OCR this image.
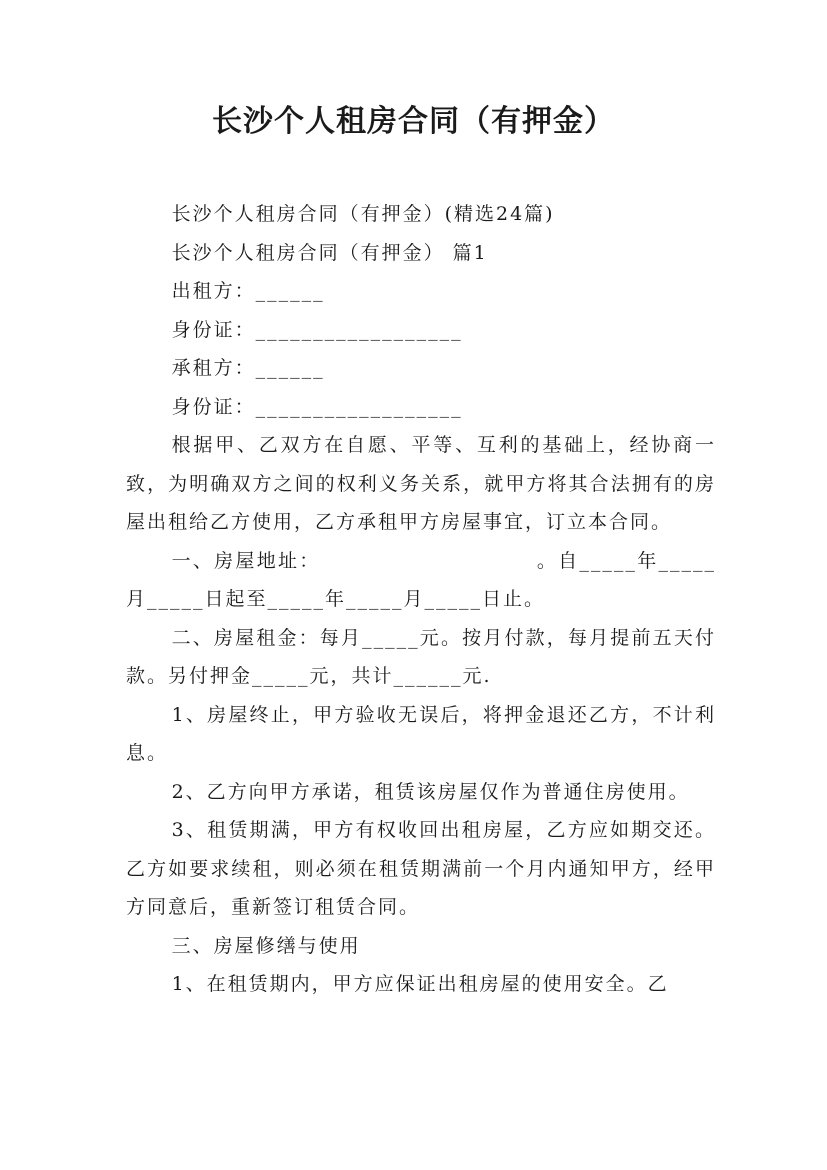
长沙个人租房合同（有押金）

长沙个人租房合同（有押金）(精选24篇)

长沙个人租房合同（有押金） 篇1

出租方：______

身份证：__________________

承租方：______

身份证：__________________

根据甲、乙双方在自愿、平等、互利的基础上，经协商一致，为明确双方之间的权利义务关系，就甲方将其合法拥有的房屋出租给乙方使用，乙方承租甲方房屋事宜，订立本合同。

一、房屋地址：                          。自_____年_____月_____日起至_____年_____月_____日止。

二、房屋租金：每月_____元。按月付款，每月提前五天付款。另付押金_____元，共计______元.

1、房屋终止，甲方验收无误后，将押金退还乙方，不计利息。

2、乙方向甲方承诺，租赁该房屋仅作为普通住房使用。

3、租赁期满，甲方有权收回出租房屋，乙方应如期交还。乙方如要求续租，则必须在租赁期满前一个月内通知甲方，经甲方同意后，重新签订租赁合同。

三、房屋修缮与使用

1、在租赁期内，甲方应保证出租房屋的使用安全。乙
